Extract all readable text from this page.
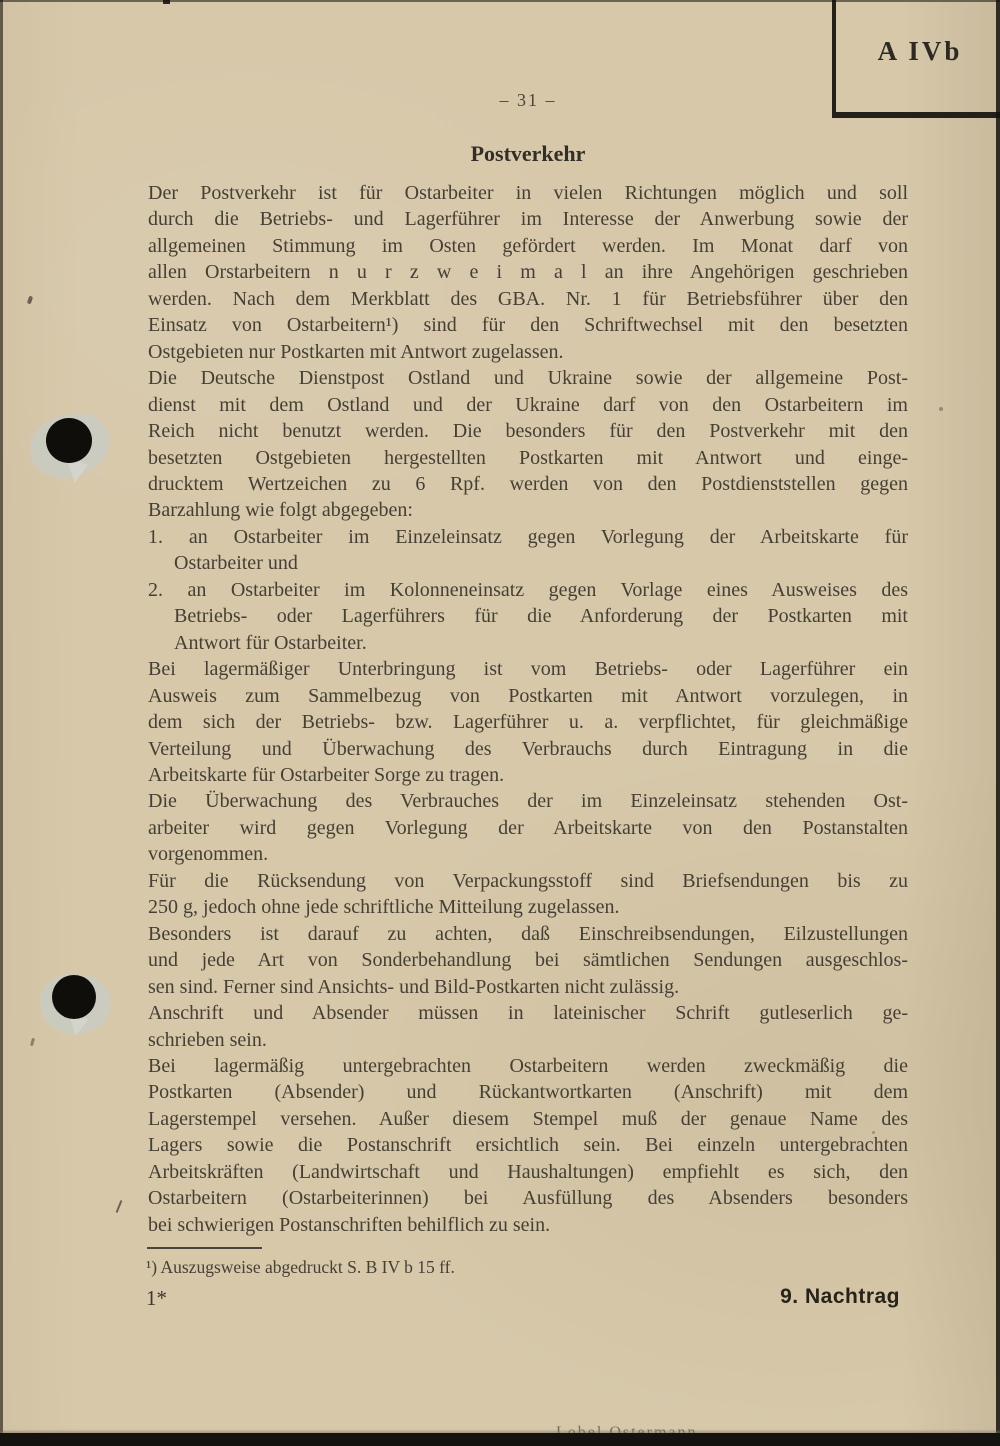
A IVb
– 31 –
Postverkehr
Der Postverkehr ist für Ostarbeiter in vielen Richtungen möglich und soll
durch die Betriebs- und Lagerführer im Interesse der Anwerbung sowie der
allgemeinen Stimmung im Osten gefördert werden. Im Monat darf von
allen Orstarbeitern n u r z w e i m a l an ihre Angehörigen geschrieben
werden. Nach dem Merkblatt des GBA. Nr. 1 für Betriebsführer über den
Einsatz von Ostarbeitern¹) sind für den Schriftwechsel mit den besetzten
Ostgebieten nur Postkarten mit Antwort zugelassen.
Die Deutsche Dienstpost Ostland und Ukraine sowie der allgemeine Post-
dienst mit dem Ostland und der Ukraine darf von den Ostarbeitern im
Reich nicht benutzt werden. Die besonders für den Postverkehr mit den
besetzten Ostgebieten hergestellten Postkarten mit Antwort und einge-
drucktem Wertzeichen zu 6 Rpf. werden von den Postdienststellen gegen
Barzahlung wie folgt abgegeben:
1. an Ostarbeiter im Einzeleinsatz gegen Vorlegung der Arbeitskarte für
Ostarbeiter und
2. an Ostarbeiter im Kolonneneinsatz gegen Vorlage eines Ausweises des
Betriebs- oder Lagerführers für die Anforderung der Postkarten mit
Antwort für Ostarbeiter.
Bei lagermäßiger Unterbringung ist vom Betriebs- oder Lagerführer ein
Ausweis zum Sammelbezug von Postkarten mit Antwort vorzulegen, in
dem sich der Betriebs- bzw. Lagerführer u. a. verpflichtet, für gleichmäßige
Verteilung und Überwachung des Verbrauchs durch Eintragung in die
Arbeitskarte für Ostarbeiter Sorge zu tragen.
Die Überwachung des Verbrauches der im Einzeleinsatz stehenden Ost-
arbeiter wird gegen Vorlegung der Arbeitskarte von den Postanstalten
vorgenommen.
Für die Rücksendung von Verpackungsstoff sind Briefsendungen bis zu
250 g, jedoch ohne jede schriftliche Mitteilung zugelassen.
Besonders ist darauf zu achten, daß Einschreibsendungen, Eilzustellungen
und jede Art von Sonderbehandlung bei sämtlichen Sendungen ausgeschlos-
sen sind. Ferner sind Ansichts- und Bild-Postkarten nicht zulässig.
Anschrift und Absender müssen in lateinischer Schrift gutleserlich ge-
schrieben sein.
Bei lagermäßig untergebrachten Ostarbeitern werden zweckmäßig die
Postkarten (Absender) und Rückantwortkarten (Anschrift) mit dem
Lagerstempel versehen. Außer diesem Stempel muß der genaue Name des
Lagers sowie die Postanschrift ersichtlich sein. Bei einzeln untergebrachten
Arbeitskräften (Landwirtschaft und Haushaltungen) empfiehlt es sich, den
Ostarbeitern (Ostarbeiterinnen) bei Ausfüllung des Absenders besonders
bei schwierigen Postanschriften behilflich zu sein.
¹) Auszugsweise abgedruckt S. B IV b 15 ff.
1*	9. Nachtrag
